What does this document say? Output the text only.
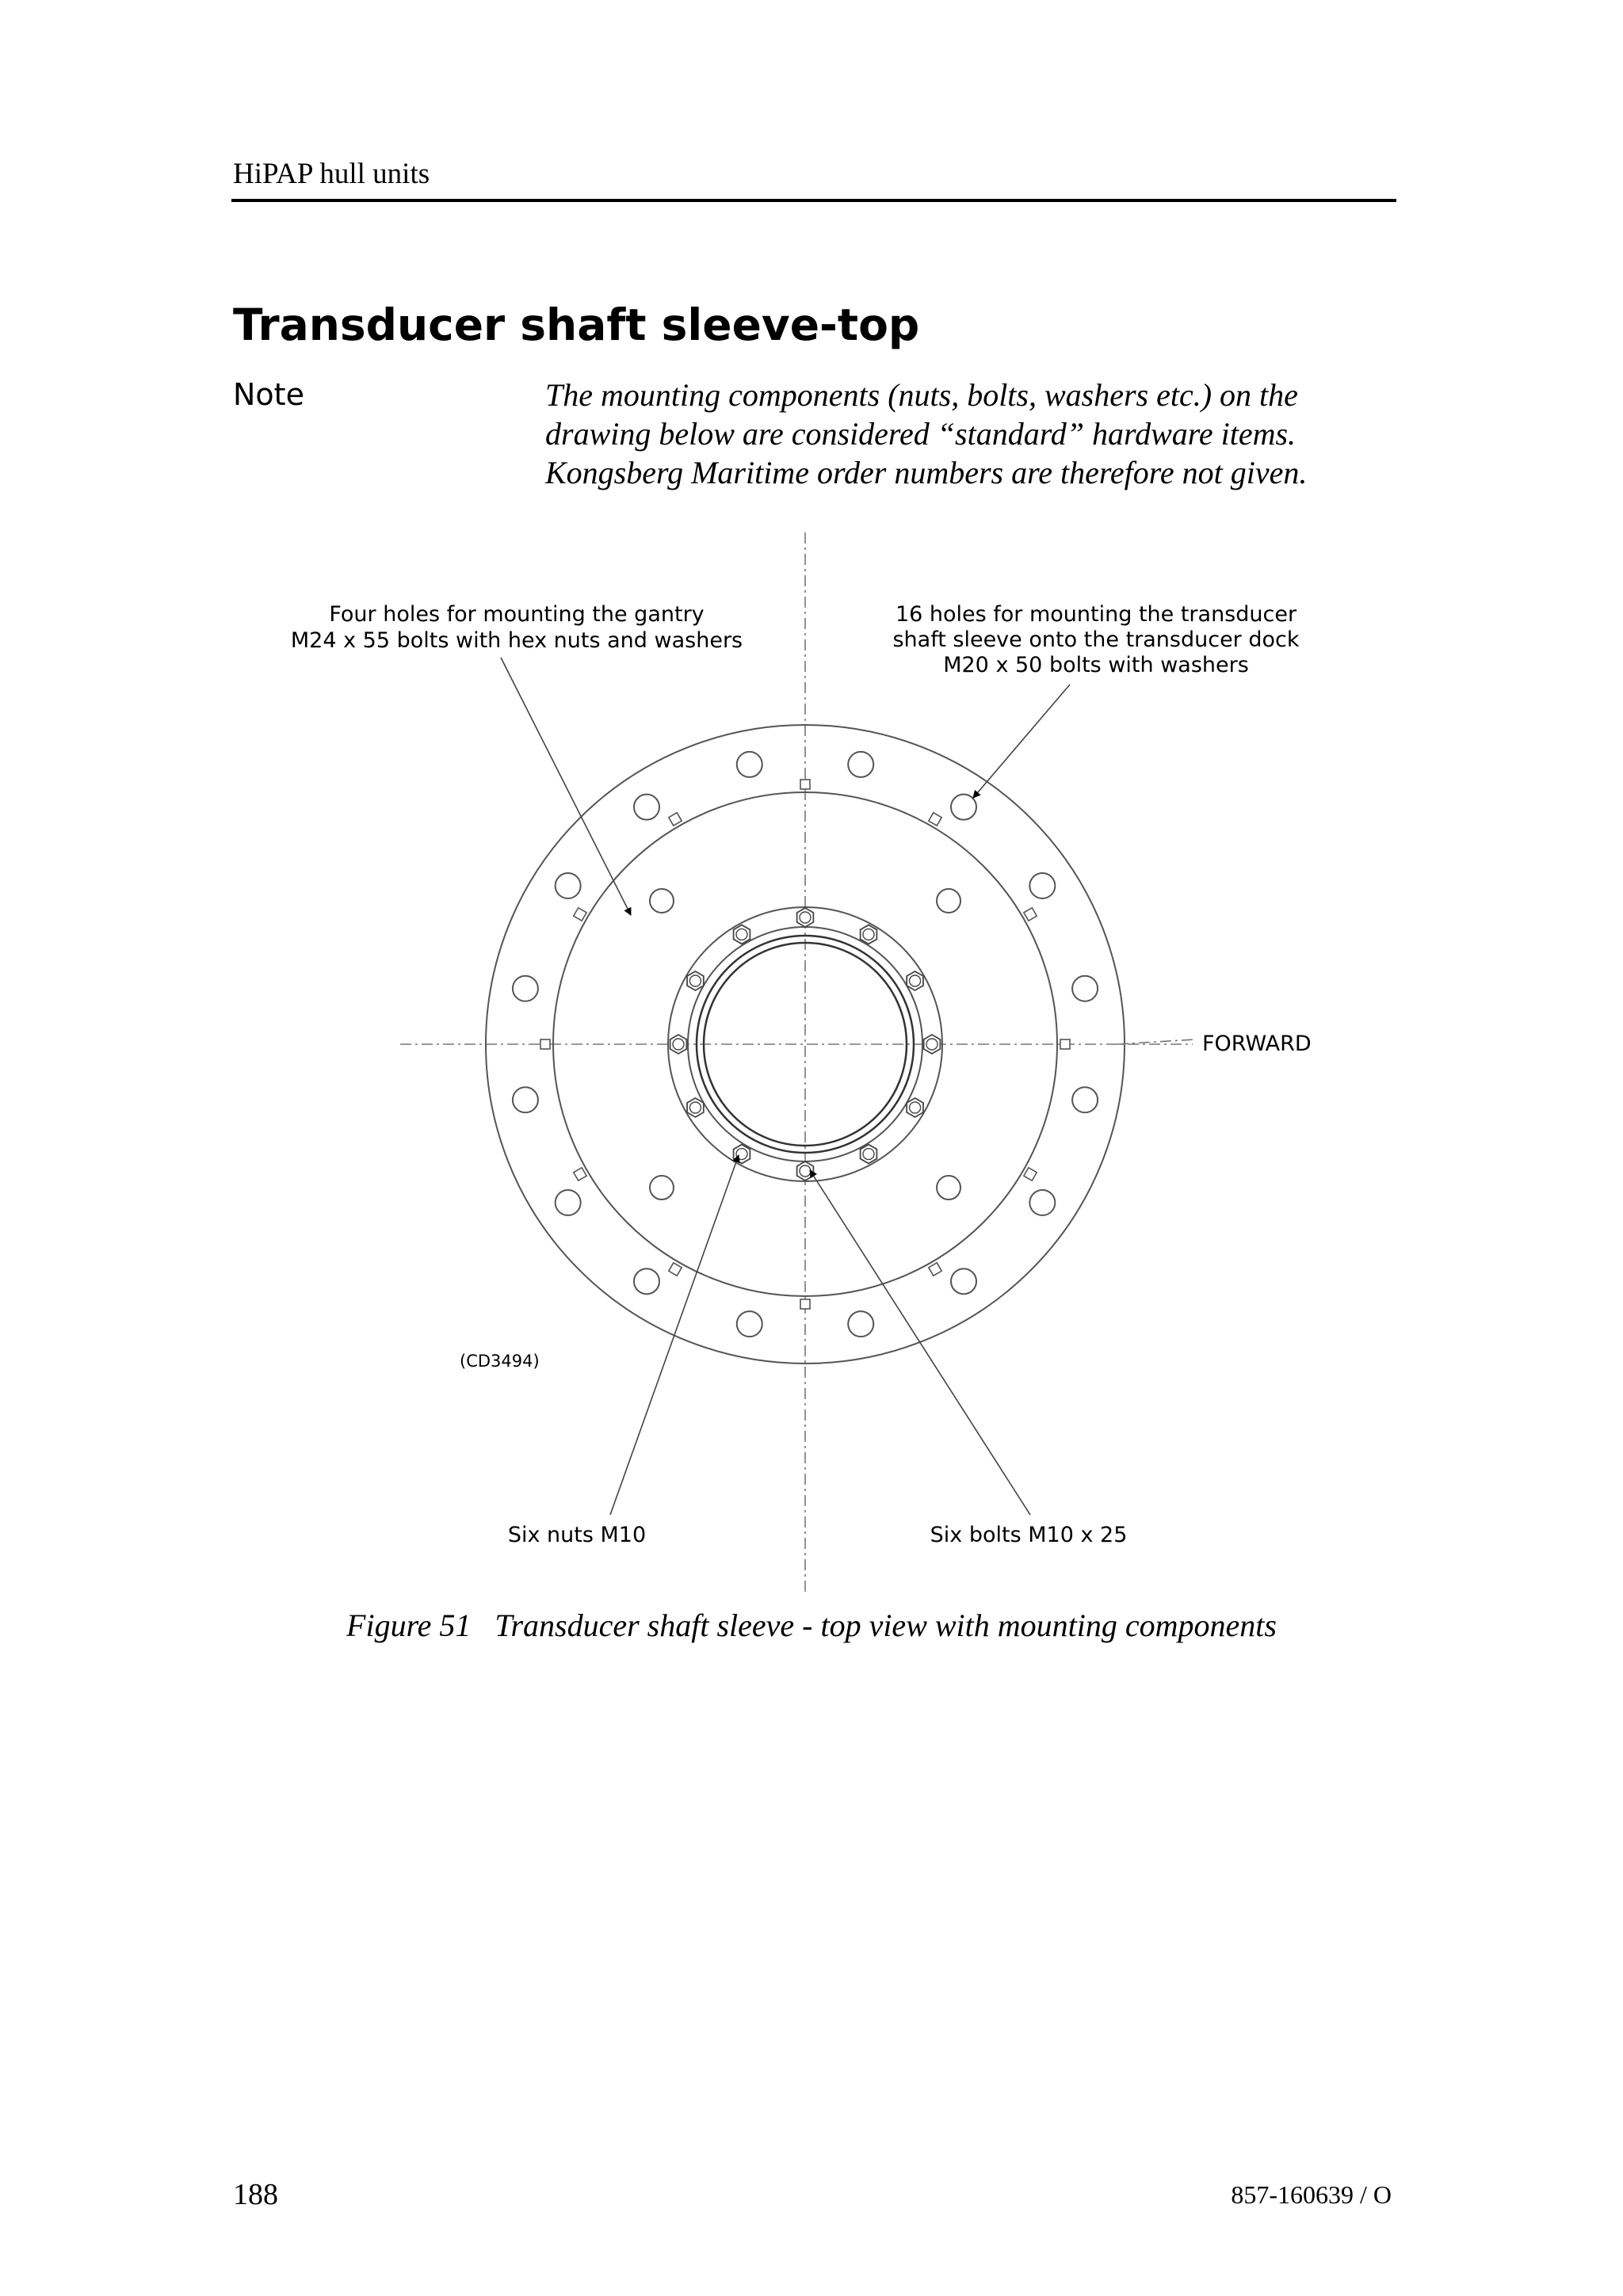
HiPAP hull units
Transducer shaft sleeve-top
Note	The mounting components (nuts, bolts, washers etc.) on the
drawing below are considered “standard” hardware items.
Kongsberg Maritime order numbers are therefore not given.
Four holes for mounting the gantry
M24 x 55 bolts with hex nuts and washers
16 holes for mounting the transducer
shaft sleeve onto the transducer dock
M20 x 50 bolts with washers
FORWARD
Six nuts M10	Six bolts M10 x 25
(CD3494)
Figure 51   Transducer shaft sleeve - top view with mounting components
188	857-160639 / O
